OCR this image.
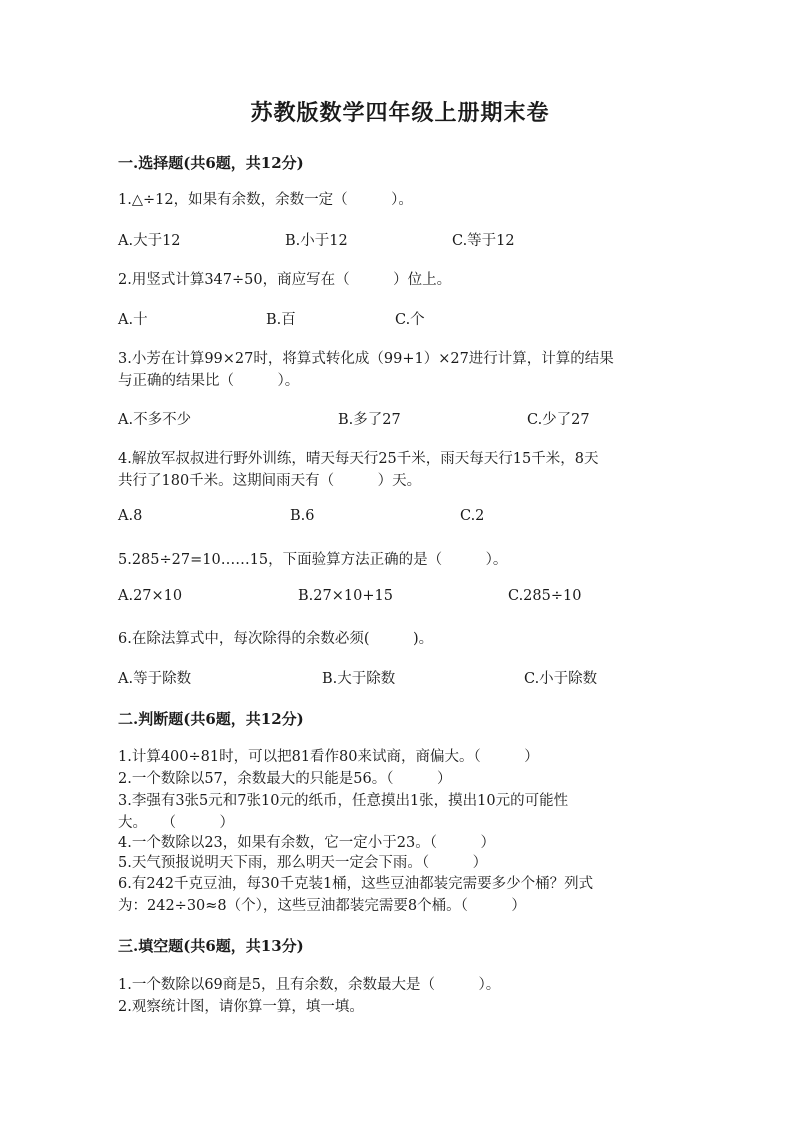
苏教版数学四年级上册期末卷
一.选择题(共6题，共12分)
1.△÷12，如果有余数，余数一定（　　　）。
A.大于12	B.小于12	C.等于12
2.用竖式计算347÷50，商应写在（　　　）位上。
A.十	B.百	C.个
3.小芳在计算99×27时，将算式转化成（99+1）×27进行计算，计算的结果
与正确的结果比（　　　）。
A.不多不少	B.多了27	C.少了27
4.解放军叔叔进行野外训练，晴天每天行25千米，雨天每天行15千米，8天
共行了180千米。这期间雨天有（　　　）天。
A.8	B.6	C.2
5.285÷27=10……15，下面验算方法正确的是（　　　）。
A.27×10	B.27×10+15	C.285÷10
6.在除法算式中，每次除得的余数必须(　　　)。
A.等于除数	B.大于除数	C.小于除数
二.判断题(共6题，共12分)
1.计算400÷81时，可以把81看作80来试商，商偏大。（　　　）
2.一个数除以57，余数最大的只能是56。（　　　）
3.李强有3张5元和7张10元的纸币，任意摸出1张，摸出10元的可能性
大。　　（　　　）
4.一个数除以23，如果有余数，它一定小于23。（　　　）
5.天气预报说明天下雨，那么明天一定会下雨。（　　　）
6.有242千克豆油，每30千克装1桶，这些豆油都装完需要多少个桶？列式
为：242÷30≈8（个），这些豆油都装完需要8个桶。（　　　）
三.填空题(共6题，共13分)
1.一个数除以69商是5，且有余数，余数最大是（　　　）。
2.观察统计图，请你算一算，填一填。
